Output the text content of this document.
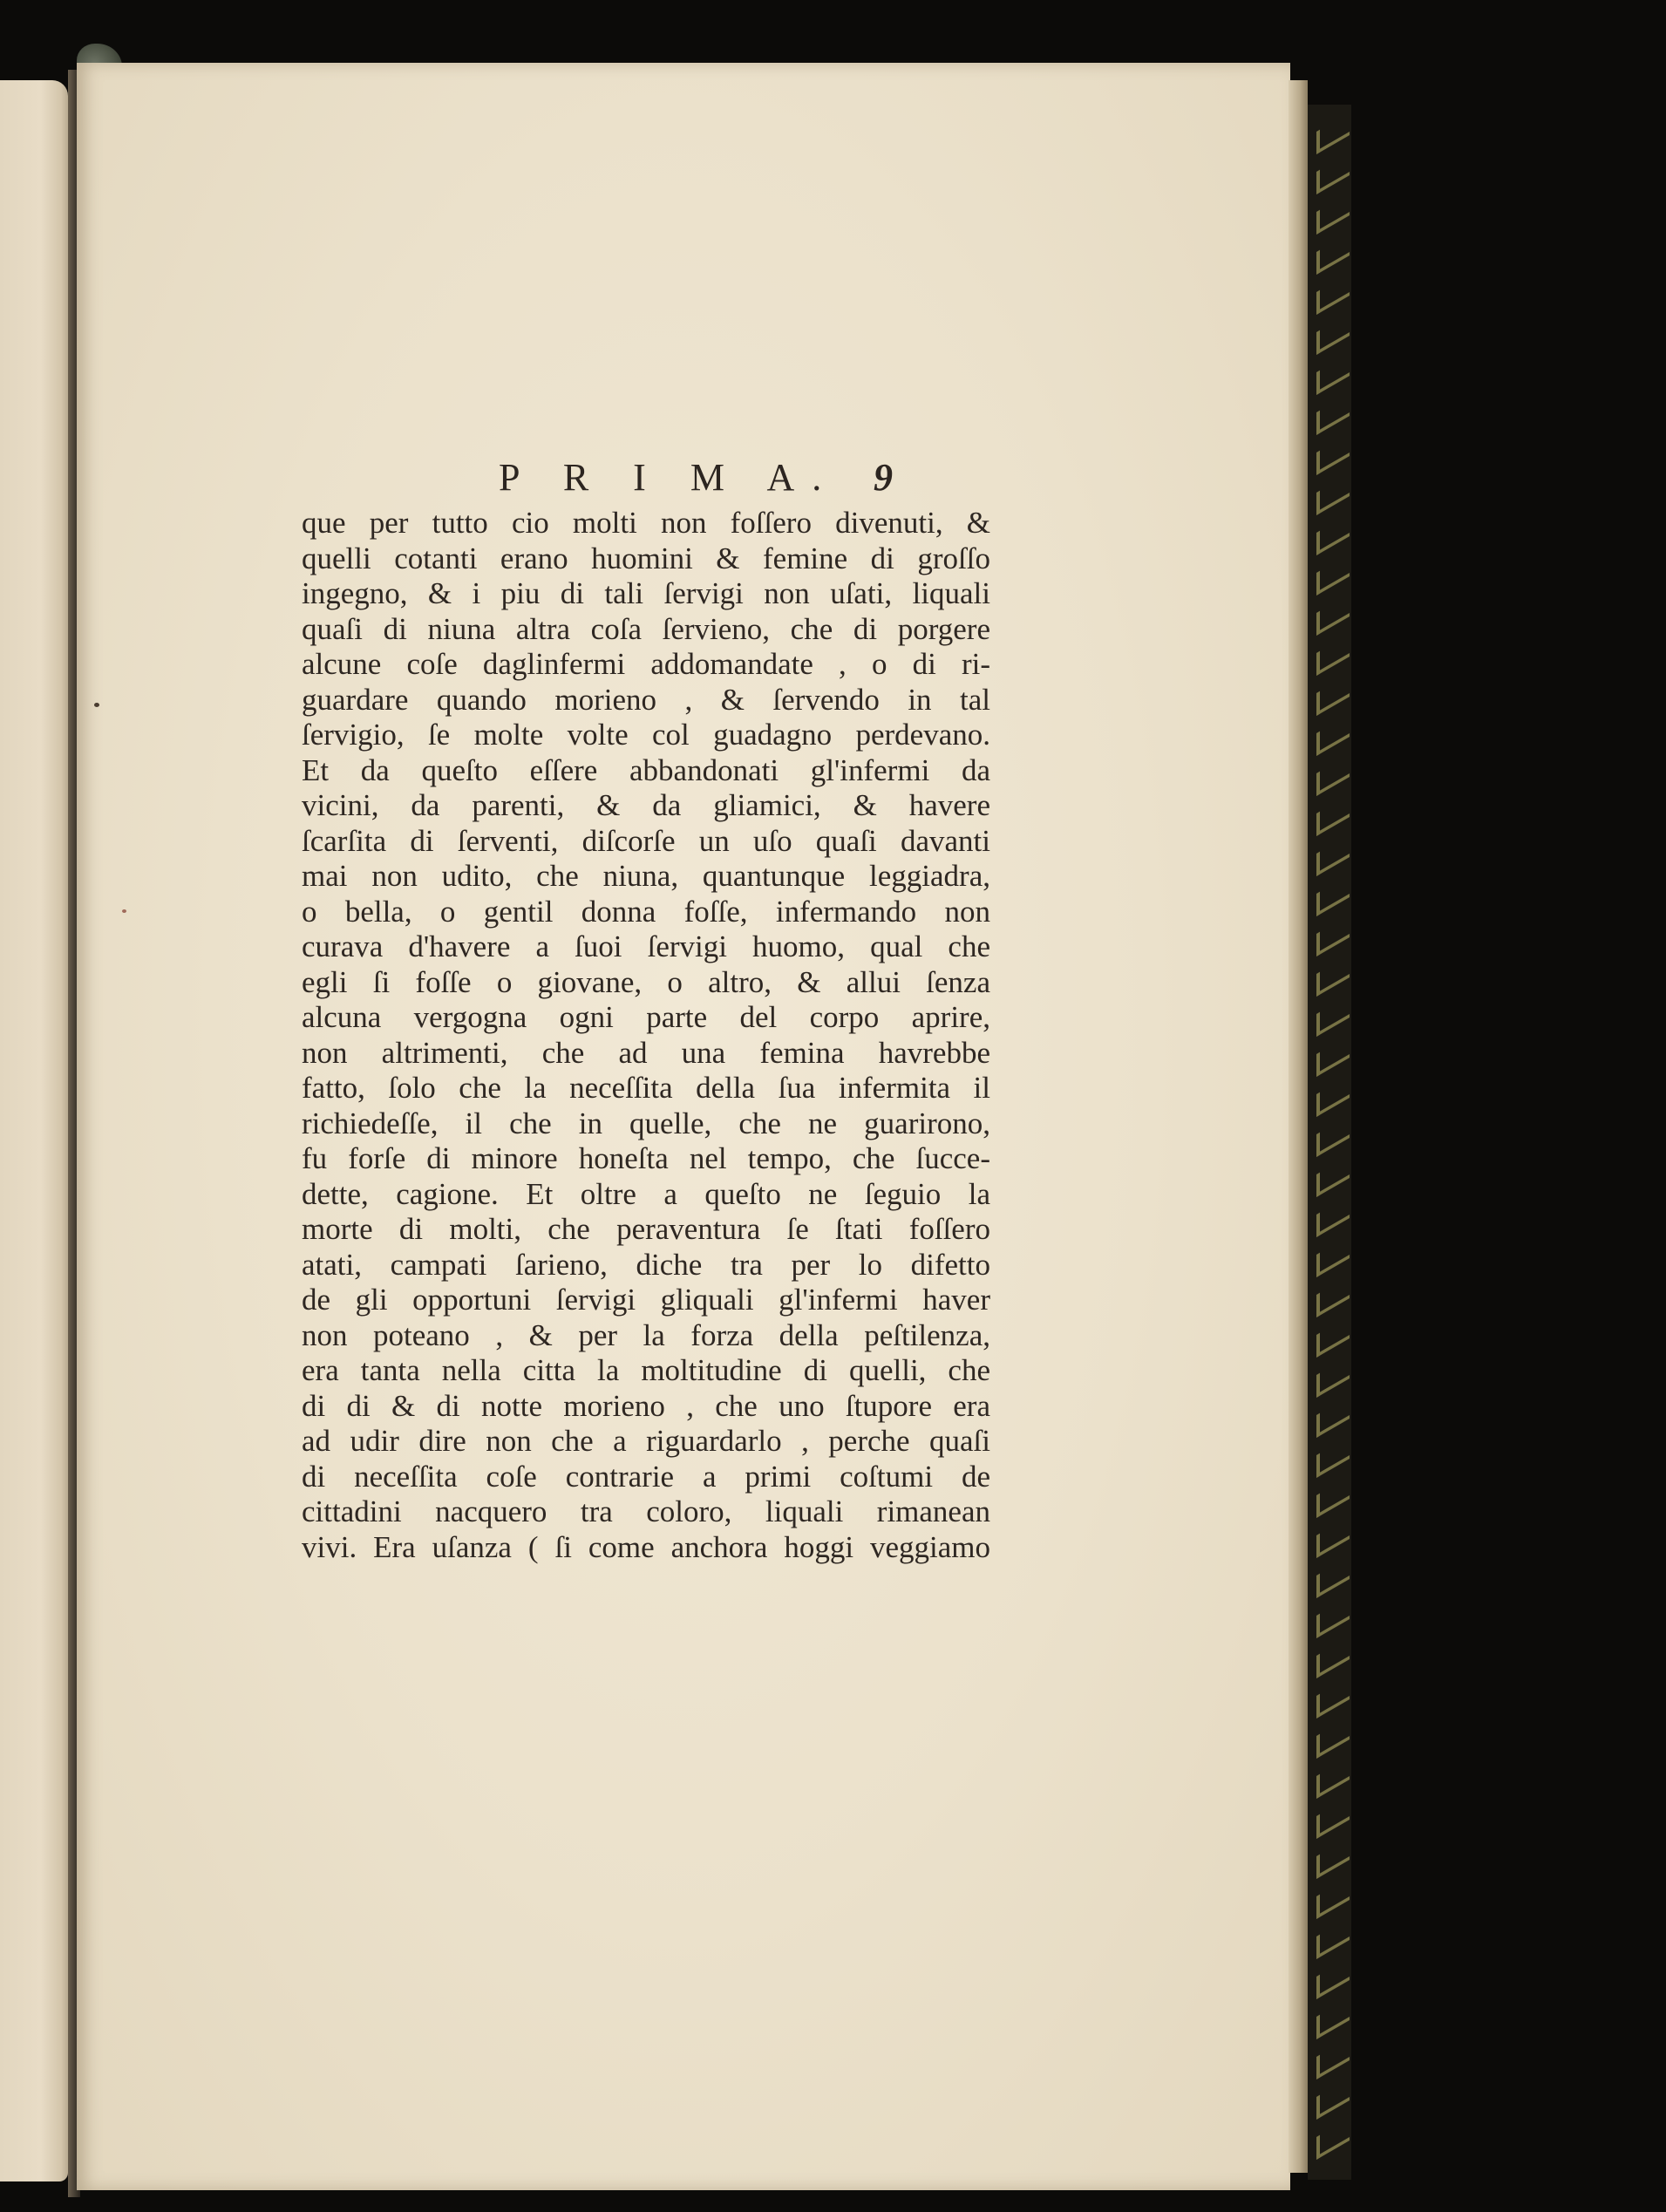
P R I M A. 9
que per tutto cio molti non foſſero divenuti, &
quelli cotanti erano huomini & femine di groſſo
ingegno, & i piu di tali ſervigi non uſati, liquali
quaſi di niuna altra coſa ſervieno, che di porgere
alcune coſe daglinfermi addomandate , o di ri-
guardare quando morieno , & ſervendo in tal
ſervigio, ſe molte volte col guadagno perdevano.
Et da queſto eſſere abbandonati gl'infermi da
vicini, da parenti, & da gliamici, & havere
ſcarſita di ſerventi, diſcorſe un uſo quaſi davanti
mai non udito, che niuna, quantunque leggiadra,
o bella, o gentil donna foſſe, infermando non
curava d'havere a ſuoi ſervigi huomo, qual che
egli ſi foſſe o giovane, o altro, & allui ſenza
alcuna vergogna ogni parte del corpo aprire,
non altrimenti, che ad una femina havrebbe
fatto, ſolo che la neceſſita della ſua infermita il
richiedeſſe, il che in quelle, che ne guarirono,
fu forſe di minore honeſta nel tempo, che ſucce-
dette, cagione. Et oltre a queſto ne ſeguio la
morte di molti, che peraventura ſe ſtati foſſero
atati, campati ſarieno, diche tra per lo difetto
de gli opportuni ſervigi gliquali gl'infermi haver
non poteano , & per la forza della peſtilenza,
era tanta nella citta la moltitudine di quelli, che
di di & di notte morieno , che uno ſtupore era
ad udir dire non che a riguardarlo , perche quaſi
di neceſſita coſe contrarie a primi coſtumi de
cittadini nacquero tra coloro, liquali rimanean
vivi. Era uſanza ( ſi come anchora hoggi veggiamo
